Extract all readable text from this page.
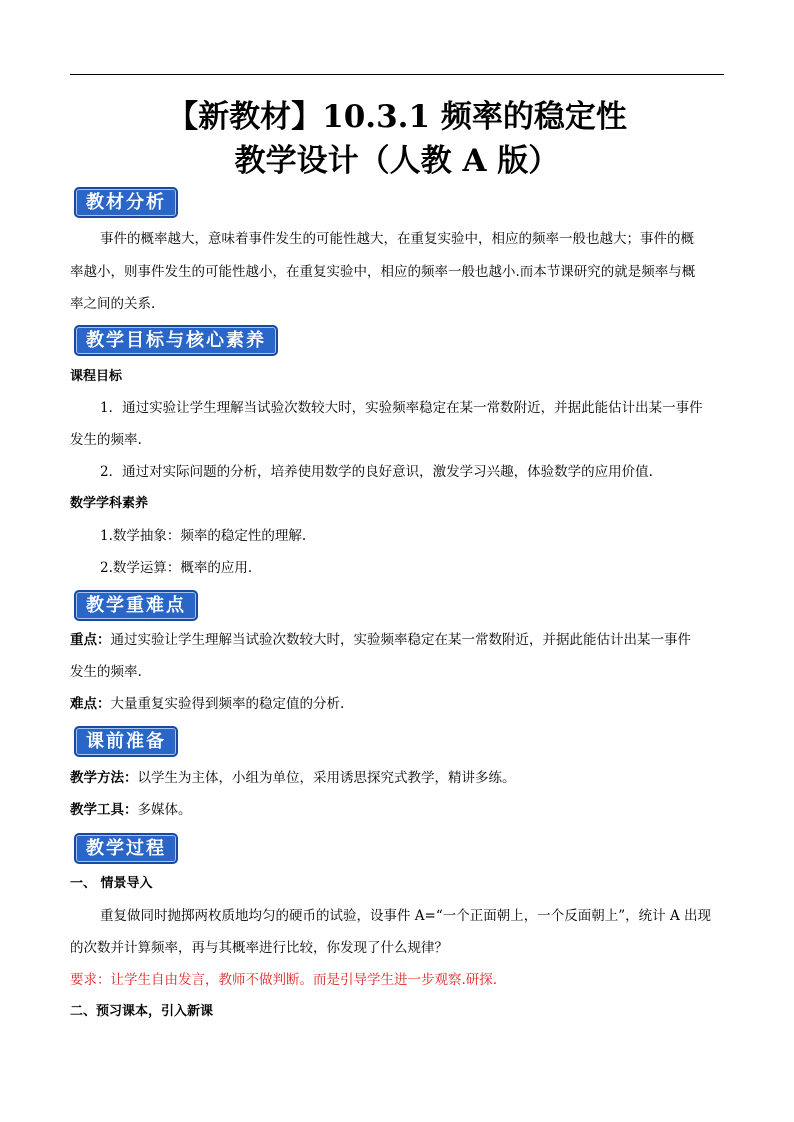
【新教材】10.3.1 频率的稳定性
教学设计（人教 A 版）
教材分析
事件的概率越大，意味着事件发生的可能性越大，在重复实验中，相应的频率一般也越大；事件的概
率越小，则事件发生的可能性越小，在重复实验中，相应的频率一般也越小.而本节课研究的就是频率与概
率之间的关系.
教学目标与核心素养
课程目标
1．通过实验让学生理解当试验次数较大时，实验频率稳定在某一常数附近，并据此能估计出某一事件
发生的频率.
2．通过对实际问题的分析，培养使用数学的良好意识，激发学习兴趣，体验数学的应用价值.
数学学科素养
1.数学抽象：频率的稳定性的理解.
2.数学运算：概率的应用.
教学重难点
重点：通过实验让学生理解当试验次数较大时，实验频率稳定在某一常数附近，并据此能估计出某一事件
发生的频率.
难点：大量重复实验得到频率的稳定值的分析.
课前准备
教学方法：以学生为主体，小组为单位，采用诱思探究式教学，精讲多练。
教学工具：多媒体。
教学过程
一、 情景导入
重复做同时抛掷两枚质地均匀的硬币的试验，设事件 A=“一个正面朝上，一个反面朝上”，统计 A 出现
的次数并计算频率，再与其概率进行比较，你发现了什么规律？
要求：让学生自由发言，教师不做判断。而是引导学生进一步观察.研探.
二、预习课本，引入新课
